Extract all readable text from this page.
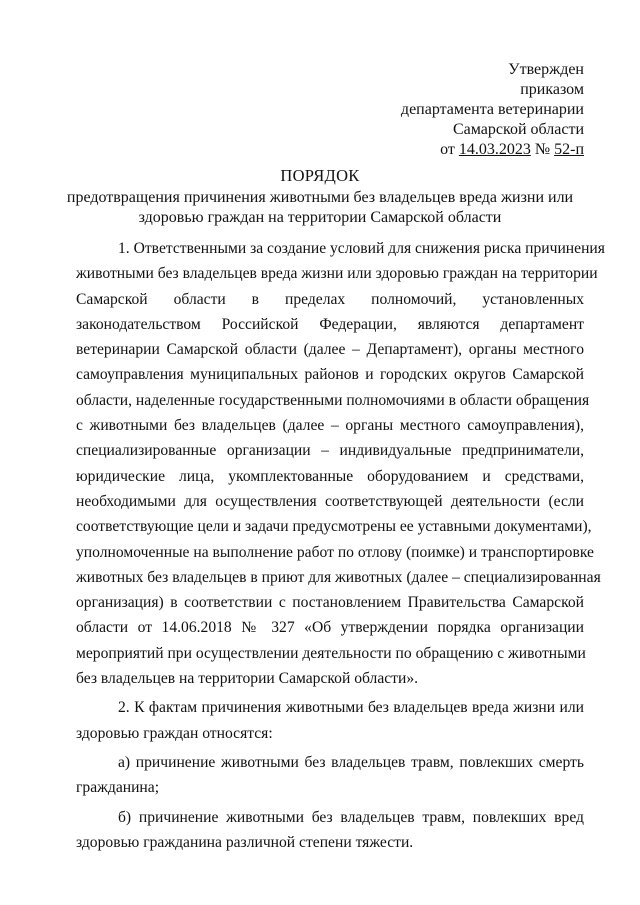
Утвержден
приказом
департамента ветеринарии
Самарской области
от 14.03.2023 № 52-п
ПОРЯДОК
предотвращения причинения животными без владельцев вреда жизни или
здоровью граждан на территории Самарской области
1. Ответственными за создание условий для снижения риска причинения
животными без владельцев вреда жизни или здоровью граждан на территории
Самарской области в пределах полномочий, установленных
законодательством Российской Федерации, являются департамент
ветеринарии Самарской области (далее – Департамент), органы местного
самоуправления муниципальных районов и городских округов Самарской
области, наделенные государственными полномочиями в области обращения
с животными без владельцев (далее – органы местного самоуправления),
специализированные организации – индивидуальные предприниматели,
юридические лица, укомплектованные оборудованием и средствами,
необходимыми для осуществления соответствующей деятельности (если
соответствующие цели и задачи предусмотрены ее уставными документами),
уполномоченные на выполнение работ по отлову (поимке) и транспортировке
животных без владельцев в приют для животных (далее – специализированная
организация) в соответствии с постановлением Правительства Самарской
области от 14.06.2018 № 327 «Об утверждении порядка организации
мероприятий при осуществлении деятельности по обращению с животными
без владельцев на территории Самарской области».
2. К фактам причинения животными без владельцев вреда жизни или
здоровью граждан относятся:
а) причинение животными без владельцев травм, повлекших смерть
гражданина;
б) причинение животными без владельцев травм, повлекших вред
здоровью гражданина различной степени тяжести.
